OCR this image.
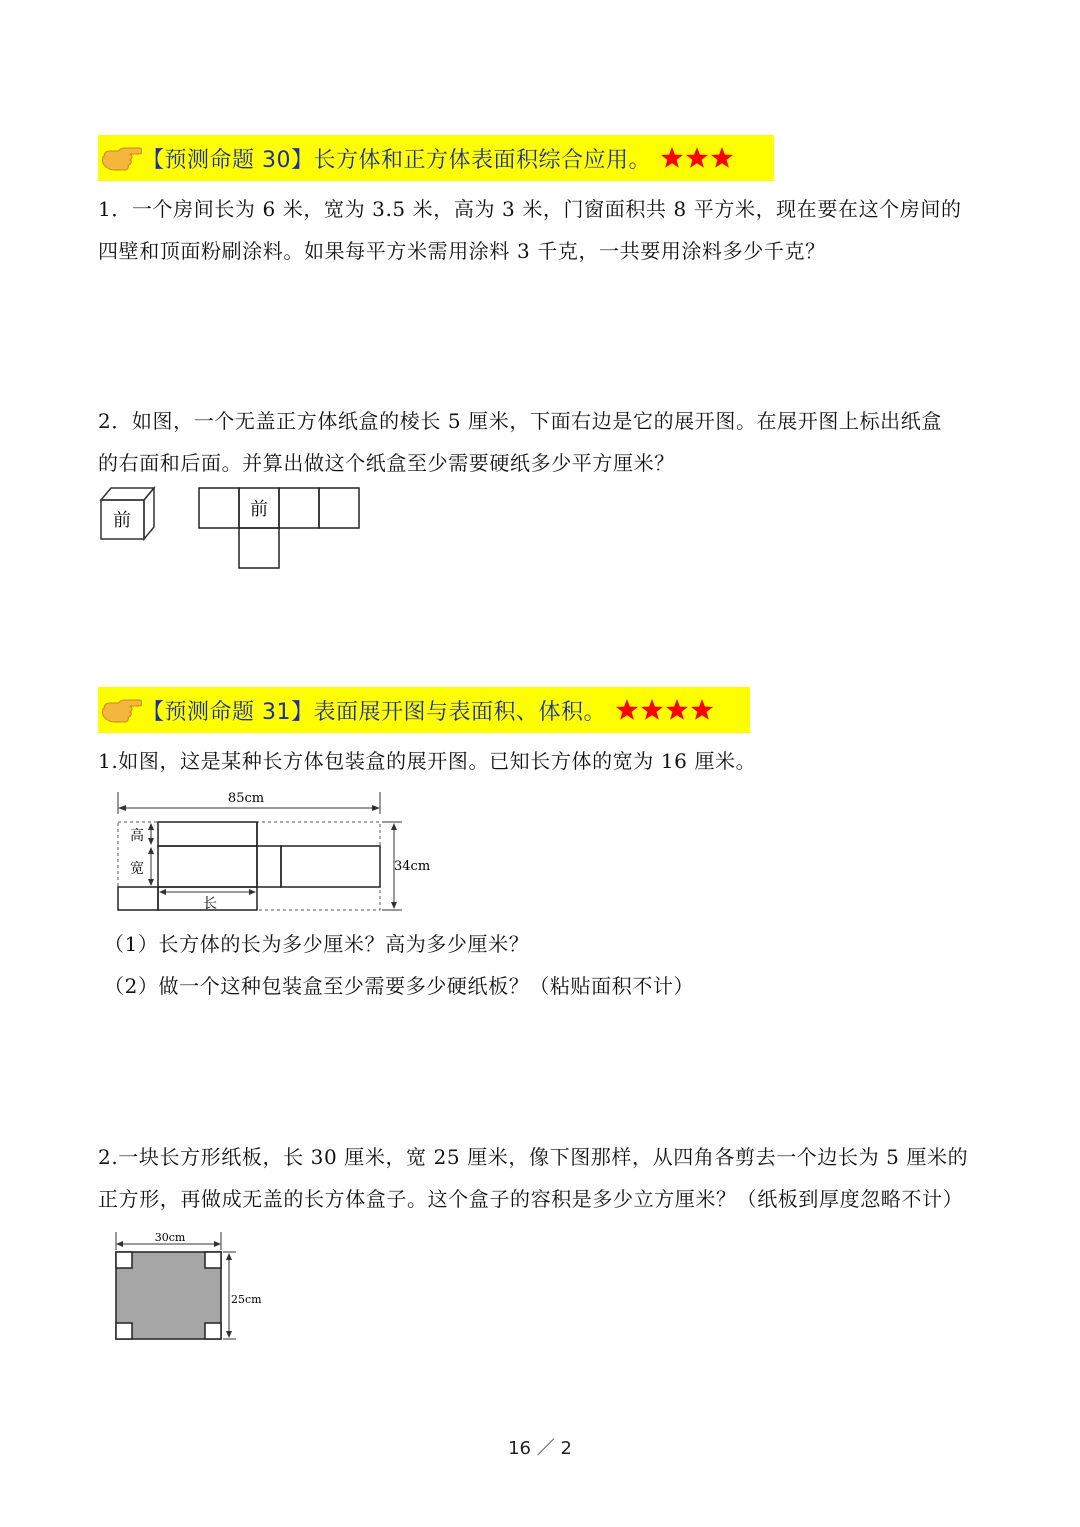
【预测命题 30】长方体和正方体表面积综合应用。
1．一个房间长为 6 米，宽为 3.5 米，高为 3 米，门窗面积共 8 平方米，现在要在这个房间的
四壁和顶面粉刷涂料。如果每平方米需用涂料 3 千克，一共要用涂料多少千克？
2．如图，一个无盖正方体纸盒的棱长 5 厘米，下面右边是它的展开图。在展开图上标出纸盒
的右面和后面。并算出做这个纸盒至少需要硬纸多少平方厘米？
前
前
【预测命题 31】表面展开图与表面积、体积。
1.如图，这是某种长方体包装盒的展开图。已知长方体的宽为 16 厘米。
85cm
高
宽
长
34cm
（1）长方体的长为多少厘米？高为多少厘米？
（2）做一个这种包装盒至少需要多少硬纸板？（粘贴面积不计）
2.一块长方形纸板，长 30 厘米，宽 25 厘米，像下图那样，从四角各剪去一个边长为 5 厘米的
正方形，再做成无盖的长方体盒子。这个盒子的容积是多少立方厘米？（纸板到厚度忽略不计）
30cm
25cm
16 ／ 2
